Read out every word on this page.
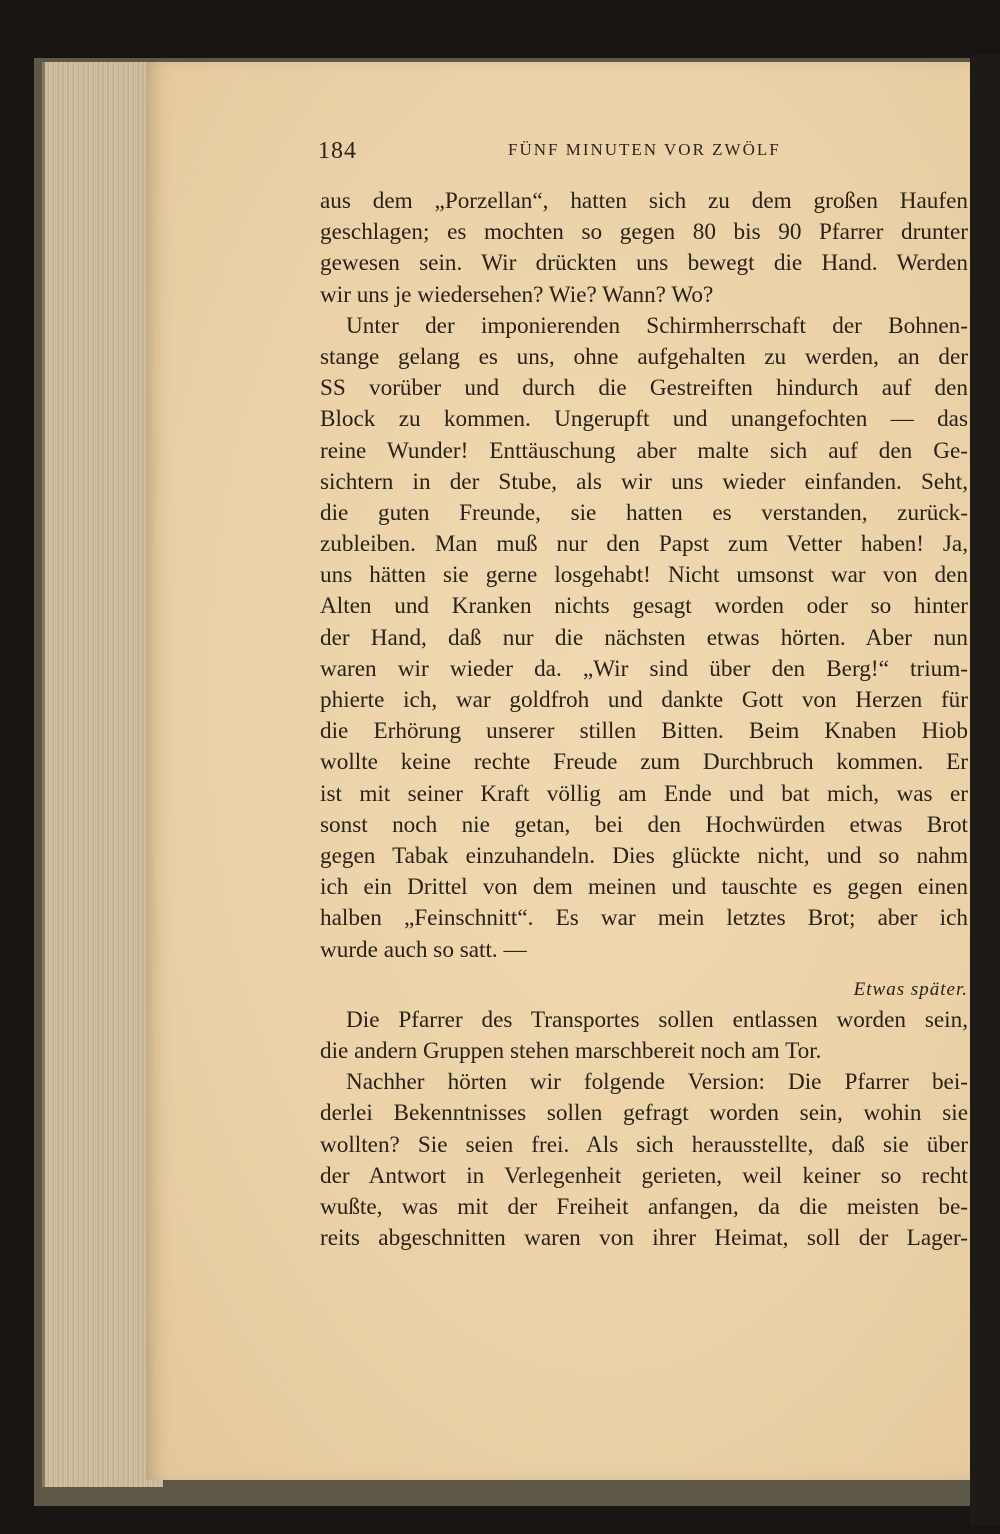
184	FÜNF MINUTEN VOR ZWÖLF
aus dem „Porzellan“, hatten sich zu dem großen Haufen
geschlagen; es mochten so gegen 80 bis 90 Pfarrer drunter
gewesen sein. Wir drückten uns bewegt die Hand. Werden
wir uns je wiedersehen? Wie? Wann? Wo?
Unter der imponierenden Schirmherrschaft der Bohnen-
stange gelang es uns, ohne aufgehalten zu werden, an der
SS vorüber und durch die Gestreiften hindurch auf den
Block zu kommen. Ungerupft und unangefochten — das
reine Wunder! Enttäuschung aber malte sich auf den Ge-
sichtern in der Stube, als wir uns wieder einfanden. Seht,
die guten Freunde, sie hatten es verstanden, zurück-
zubleiben. Man muß nur den Papst zum Vetter haben! Ja,
uns hätten sie gerne losgehabt! Nicht umsonst war von den
Alten und Kranken nichts gesagt worden oder so hinter
der Hand, daß nur die nächsten etwas hörten. Aber nun
waren wir wieder da. „Wir sind über den Berg!“ trium-
phierte ich, war goldfroh und dankte Gott von Herzen für
die Erhörung unserer stillen Bitten. Beim Knaben Hiob
wollte keine rechte Freude zum Durchbruch kommen. Er
ist mit seiner Kraft völlig am Ende und bat mich, was er
sonst noch nie getan, bei den Hochwürden etwas Brot
gegen Tabak einzuhandeln. Dies glückte nicht, und so nahm
ich ein Drittel von dem meinen und tauschte es gegen einen
halben „Feinschnitt“. Es war mein letztes Brot; aber ich
wurde auch so satt. —
Etwas später.
Die Pfarrer des Transportes sollen entlassen worden sein,
die andern Gruppen stehen marschbereit noch am Tor.
Nachher hörten wir folgende Version: Die Pfarrer bei-
derlei Bekenntnisses sollen gefragt worden sein, wohin sie
wollten? Sie seien frei. Als sich herausstellte, daß sie über
der Antwort in Verlegenheit gerieten, weil keiner so recht
wußte, was mit der Freiheit anfangen, da die meisten be-
reits abgeschnitten waren von ihrer Heimat, soll der Lager-
